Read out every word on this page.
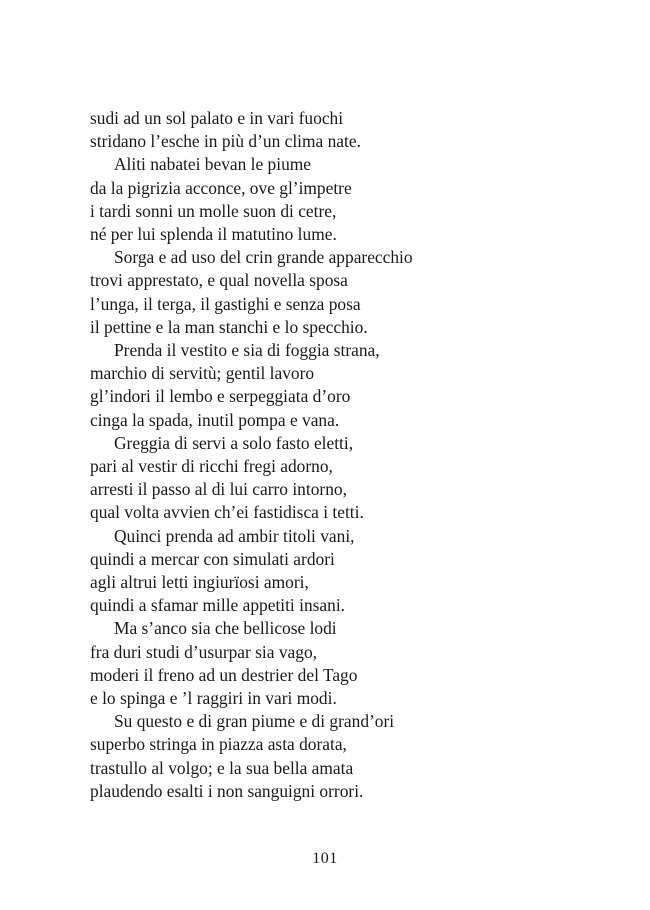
sudi ad un sol palato e in vari fuochi
stridano l’esche in più d’un clima nate.
Aliti nabatei bevan le piume
da la pigrizia acconce, ove gl’impetre
i tardi sonni un molle suon di cetre,
né per lui splenda il matutino lume.
Sorga e ad uso del crin grande apparecchio
trovi apprestato, e qual novella sposa
l’unga, il terga, il gastighi e senza posa
il pettine e la man stanchi e lo specchio.
Prenda il vestito e sia di foggia strana,
marchio di servitù; gentil lavoro
gl’indori il lembo e serpeggiata d’oro
cinga la spada, inutil pompa e vana.
Greggia di servi a solo fasto eletti,
pari al vestir di ricchi fregi adorno,
arresti il passo al di lui carro intorno,
qual volta avvien ch’ei fastidisca i tetti.
Quinci prenda ad ambir titoli vani,
quindi a mercar con simulati ardori
agli altrui letti ingiurïosi amori,
quindi a sfamar mille appetiti insani.
Ma s’anco sia che bellicose lodi
fra duri studi d’usurpar sia vago,
moderi il freno ad un destrier del Tago
e lo spinga e ’l raggiri in vari modi.
Su questo e di gran piume e di grand’ori
superbo stringa in piazza asta dorata,
trastullo al volgo; e la sua bella amata
plaudendo esalti i non sanguigni orrori.
101
